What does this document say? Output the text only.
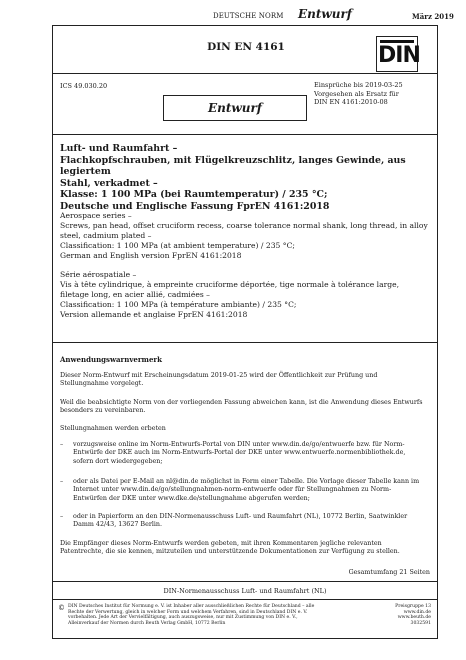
DEUTSCHE NORM Entwurf	März 2019
DIN EN 4161	DIN
ICS 49.030.20	Einsprüche bis 2019-03-25
Vorgesehen als Ersatz für
DIN EN 4161:2010-08
Entwurf
Luft- und Raumfahrt –
Flachkopfschrauben, mit Flügelkreuzschlitz, langes Gewinde, aus legiertem
Stahl, verkadmet –
Klasse: 1 100 MPa (bei Raumtemperatur) / 235 °C;
Deutsche und Englische Fassung FprEN 4161:2018
Aerospace series –
Screws, pan head, offset cruciform recess, coarse tolerance normal shank, long thread, in alloy
steel, cadmium plated –
Classification: 1 100 MPa (at ambient temperature) / 235 °C;
German and English version FprEN 4161:2018
Série aérospatiale –
Vis à tête cylindrique, à empreinte cruciforme déportée, tige normale à tolérance large,
filetage long, en acier allié, cadmiées –
Classification: 1 100 MPa (à température ambiante) / 235 °C;
Version allemande et anglaise FprEN 4161:2018
Anwendungswarnvermerk
Dieser Norm-Entwurf mit Erscheinungsdatum 2019-01-25 wird der Öffentlichkeit zur Prüfung und
Stellungnahme vorgelegt.
Weil die beabsichtigte Norm von der vorliegenden Fassung abweichen kann, ist die Anwendung dieses Entwurfs
besonders zu vereinbaren.
Stellungnahmen werden erbeten
– vorzugsweise online im Norm-Entwurfs-Portal von DIN unter www.din.de/go/entwuerfe bzw. für Norm-
Entwürfe der DKE auch im Norm-Entwurfs-Portal der DKE unter www.entwuerfe.normenbibliothek.de,
sofern dort wiedergegeben;
– oder als Datei per E-Mail an nl@din.de möglichst in Form einer Tabelle. Die Vorlage dieser Tabelle kann im
Internet unter www.din.de/go/stellungnahmen-norm-entwuerfe oder für Stellungnahmen zu Norm-
Entwürfen der DKE unter www.dke.de/stellungnahme abgerufen werden;
– oder in Papierform an den DIN-Normenausschuss Luft- und Raumfahrt (NL), 10772 Berlin, Saatwinkler
Damm 42/43, 13627 Berlin.
Die Empfänger dieses Norm-Entwurfs werden gebeten, mit ihren Kommentaren jegliche relevanten
Patentrechte, die sie kennen, mitzuteilen und unterstützende Dokumentationen zur Verfügung zu stellen.
Gesamtumfang 21 Seiten
DIN-Normenausschuss Luft- und Raumfahrt (NL)
© DIN Deutsches Institut für Normung e. V. ist Inhaber aller ausschließlichen Rechte für Deutschland – alle
Rechte der Verwertung, gleich in welcher Form und welchem Verfahren, sind in Deutschland DIN e. V.
vorbehalten. Jede Art der Vervielfältigung, auch auszugsweise, nur mit Zustimmung von DIN e. V.,
Alleinverkauf der Normen durch Beuth Verlag GmbH, 10772 Berlin
Preisgruppe 13
www.din.de
www.beuth.de
3032591
